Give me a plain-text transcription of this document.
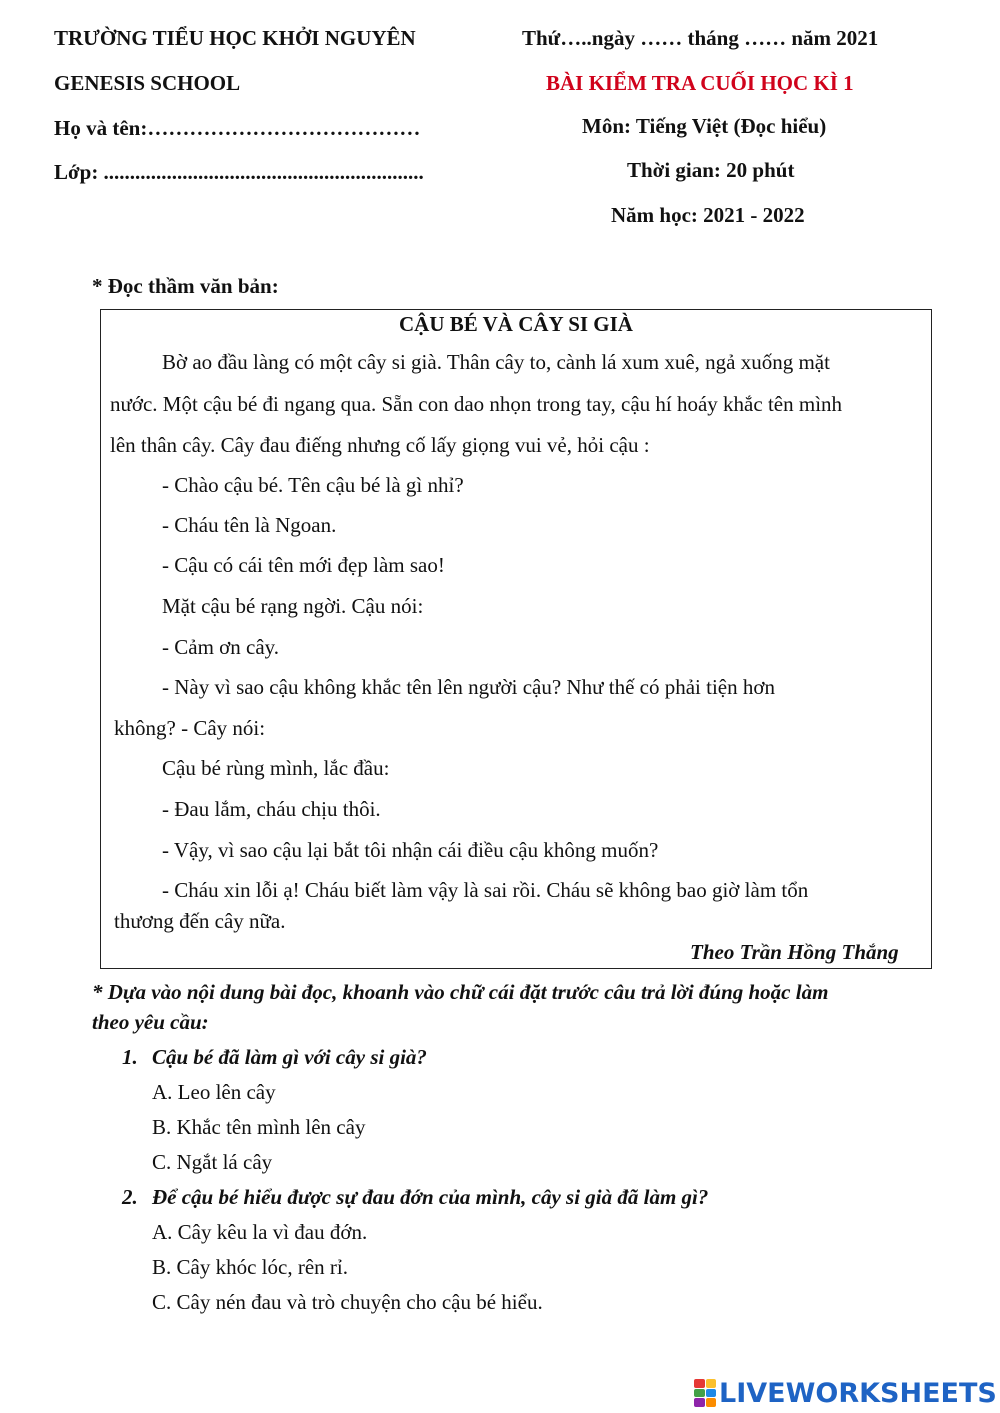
TRƯỜNG TIỂU HỌC KHỞI NGUYÊN
GENESIS SCHOOL
Họ và tên:…………………………………
Lớp: .............................................................
Thứ…..ngày …… tháng …… năm 2021
BÀI KIỂM TRA CUỐI HỌC KÌ 1
Môn: Tiếng Việt (Đọc hiểu)
Thời gian: 20 phút
Năm học: 2021 - 2022
* Đọc thầm văn bản:
CẬU BÉ VÀ CÂY SI GIÀ
Bờ ao đầu làng có một cây si già. Thân cây to, cành lá xum xuê, ngả xuống mặt
nước. Một cậu bé đi ngang qua. Sẵn con dao nhọn trong tay, cậu hí hoáy khắc tên mình
lên thân cây. Cây đau điếng nhưng cố lấy giọng vui vẻ, hỏi cậu :
- Chào cậu bé. Tên cậu bé là gì nhỉ?
- Cháu tên là Ngoan.
- Cậu có cái tên mới đẹp làm sao!
Mặt cậu bé rạng ngời. Cậu nói:
- Cảm ơn cây.
- Này vì sao cậu không khắc tên lên người cậu? Như thế có phải tiện hơn
không? - Cây nói:
Cậu bé rùng mình, lắc đầu:
- Đau lắm, cháu chịu thôi.
- Vậy, vì sao cậu lại bắt tôi nhận cái điều cậu không muốn?
- Cháu xin lỗi ạ! Cháu biết làm vậy là sai rồi. Cháu sẽ không bao giờ làm tổn
thương đến cây nữa.
Theo Trần Hồng Thắng
* Dựa vào nội dung bài đọc, khoanh vào chữ cái đặt trước câu trả lời đúng hoặc làm
theo yêu cầu:
1. Cậu bé đã làm gì với cây si già?
A. Leo lên cây
B. Khắc tên mình lên cây
C. Ngắt lá cây
2. Để cậu bé hiểu được sự đau đớn của mình, cây si già đã làm gì?
A. Cây kêu la vì đau đớn.
B. Cây khóc lóc, rên rỉ.
C. Cây nén đau và trò chuyện cho cậu bé hiểu.
LIVEWORKSHEETS
